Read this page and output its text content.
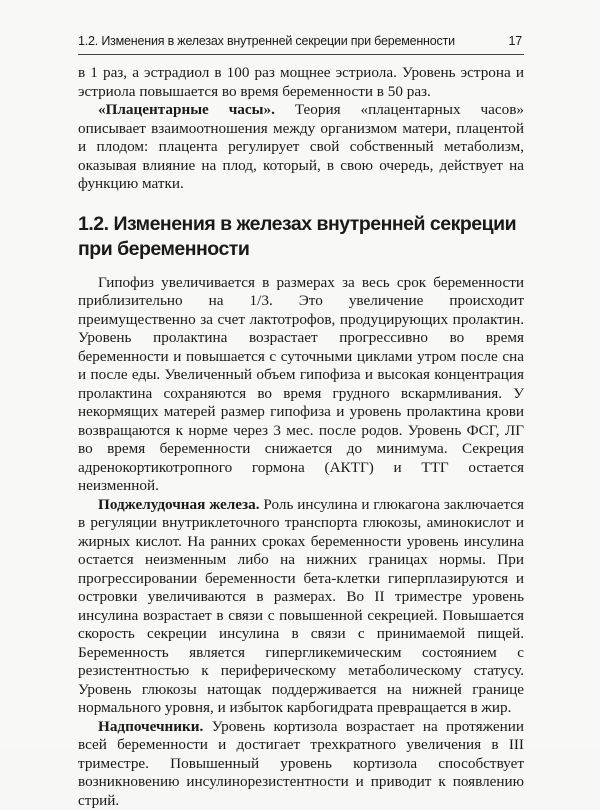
1.2. Изменения в железах внутренней секреции при беременности	17

в 1 раз, а эстрадиол в 100 раз мощнее эстриола. Уровень эстрона и эстриола повышается во время беременности в 50 раз.

«Плацентарные часы». Теория «плацентарных часов» описывает взаимоотношения между организмом матери, плацентой и плодом: плацента регулирует свой собственный метаболизм, оказывая влияние на плод, который, в свою очередь, действует на функцию матки.

1.2. Изменения в железах внутренней секреции
при беременности

Гипофиз увеличивается в размерах за весь срок беременности приблизительно на 1/3. Это увеличение происходит преимущественно за счет лактотрофов, продуцирующих пролактин. Уровень пролактина возрастает прогрессивно во время беременности и повышается с суточными циклами утром после сна и после еды. Увеличенный объем гипофиза и высокая концентрация пролактина сохраняются во время грудного вскармливания. У некормящих матерей размер гипофиза и уровень пролактина крови возвращаются к норме через 3 мес. после родов. Уровень ФСГ, ЛГ во время беременности снижается до минимума. Секреция адренокортикотропного гормона (АКТГ) и ТТГ остается неизменной.

Поджелудочная железа. Роль инсулина и глюкагона заключается в регуляции внутриклеточного транспорта глюкозы, аминокислот и жирных кислот. На ранних сроках беременности уровень инсулина остается неизменным либо на нижних границах нормы. При прогрессировании беременности бета-клетки гиперплазируются и островки увеличиваются в размерах. Во II триместре уровень инсулина возрастает в связи с повышенной секрецией. Повышается скорость секреции инсулина в связи с принимаемой пищей. Беременность является гипергликемическим состоянием с резистентностью к периферическому метаболическому статусу. Уровень глюкозы натощак поддерживается на нижней границе нормального уровня, и избыток карбогидрата превращается в жир.

Надпочечники. Уровень кортизола возрастает на протяжении всей беременности и достигает трехкратного увеличения в III триместре. Повышенный уровень кортизола способствует возникновению инсулинорезистентности и приводит к появлению стрий.
